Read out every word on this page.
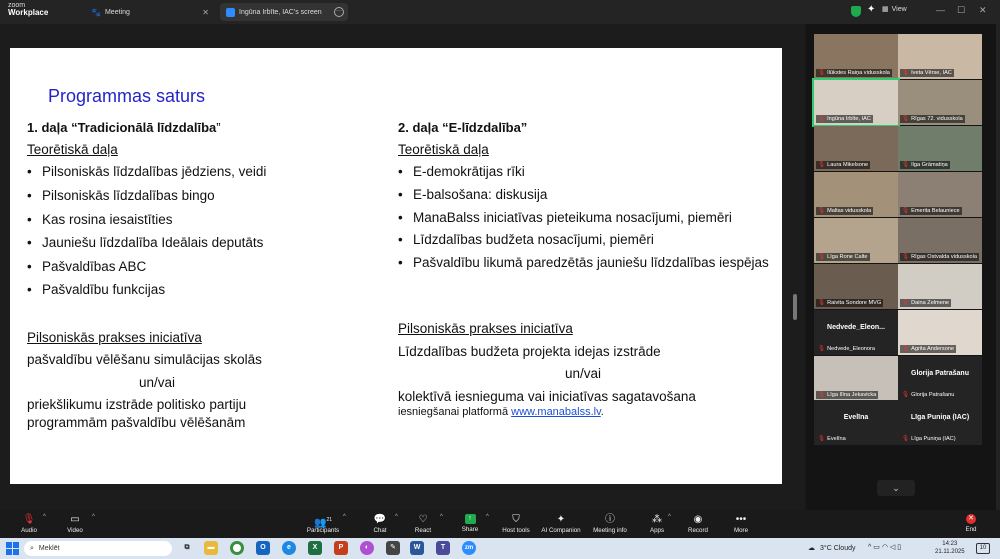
zoom
Workplace	🐾 Meeting	✕	Ingūna Irbīte, IAC's screen	···	✦ ▦ View	— ☐ ✕
Programmas saturs
1. daļa “Tradicionālā līdzdalība”
Teorētiskā daļa
• Pilsoniskās līdzdalības jēdziens, veidi
• Pilsoniskās līdzdalības bingo
• Kas rosina iesaistīties
• Jauniešu līdzdalība Ideālais deputāts
• Pašvaldības ABC
• Pašvaldību funkcijas
Pilsoniskās prakses iniciatīva
pašvaldību vēlēšanu simulācijas skolās
un/vai
priekšlikumu izstrāde politisko partiju programmām pašvaldību vēlēšanām
2. daļa “E-līdzdalība”
Teorētiskā daļa
• E-demokrātijas rīki
• E-balsošana: diskusija
• ManaBalss iniciatīvas pieteikuma nosacījumi, piemēri
• Līdzdalības budžeta nosacījumi, piemēri
• Pašvaldību likumā paredzētās jauniešu līdzdalības iespējas
Pilsoniskās prakses iniciatīva
Līdzdalības budžeta projekta idejas izstrāde
un/vai
kolektīvā iesnieguma vai iniciatīvas sagatavošana
iesniegšanai platformā www.manabalss.lv.
🎙 Ilūkstes Raiņa vidusskola	🎙 Iveta Vērse, IAC
🎙 Ingūna Irbīte, IAC	🎙 Rīgas 72. vidusskola
🎙 Laura Mikelsone	🎙 Ilga Grāmatiņa
🎙 Maltas vidusskola	🎙 Emerita Belauniece
🎙 Līga Rone Calte	🎙 Rīgas Ostvalda vidusskola
🎙 Raivita Sondore MVG	🎙 Daina Zelmene
Nedvede_Eleon...
🎙 Nedvede_Eleonora	🎙 Agrita Andersone
🎙 Līga Ilīna Jekavicka
Glorija Patrašanu
🎙 Glorija Patrašanu
Evelīna
🎙 Evelīna
Līga Puniņa (IAC)
🎙 Līga Puniņa (IAC)
⌄
🎙
Audio
^	▭
Video
^
👥$^{21}$
Participants
^	💬
Chat
^	♡
React
^	↑
Share
^	⛉
Host tools
✦
AI Companion
ⓘ
Meeting info
⁂
Apps
^	◉
Record
•••
More
✕
End
⌕ Meklēt	⧉	▬	O	e	X	P	◐	✎	W	T	zm	☁ 3°C Cloudy ^ ▭ ◠ ◁ ▯	14:23
21.11.2025
10
